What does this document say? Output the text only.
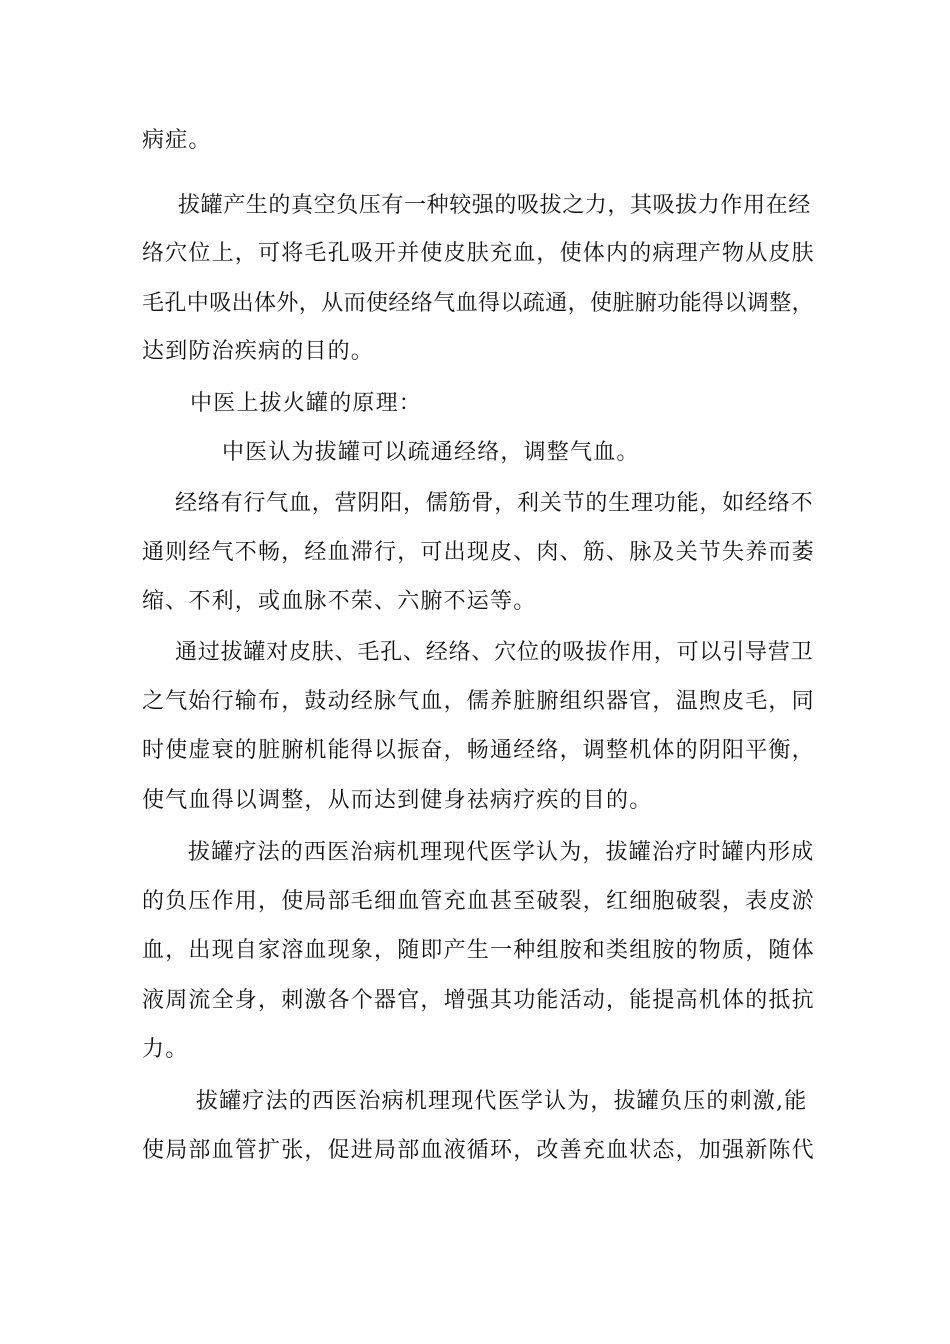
病症。
拔罐产生的真空负压有一种较强的吸拔之力，其吸拔力作用在经
络穴位上，可将毛孔吸开并使皮肤充血，使体内的病理产物从皮肤
毛孔中吸出体外，从而使经络气血得以疏通，使脏腑功能得以调整，
达到防治疾病的目的。
中医上拔火罐的原理：
中医认为拔罐可以疏通经络，调整气血。
经络有行气血，营阴阳，儒筋骨，利关节的生理功能，如经络不
通则经气不畅，经血滞行，可出现皮、肉、筋、脉及关节失养而萎
缩、不利，或血脉不荣、六腑不运等。
通过拔罐对皮肤、毛孔、经络、穴位的吸拔作用，可以引导营卫
之气始行输布，鼓动经脉气血，儒养脏腑组织器官，温煦皮毛，同
时使虚衰的脏腑机能得以振奋，畅通经络，调整机体的阴阳平衡，
使气血得以调整，从而达到健身祛病疗疾的目的。
拔罐疗法的西医治病机理现代医学认为，拔罐治疗时罐内形成
的负压作用，使局部毛细血管充血甚至破裂，红细胞破裂，表皮淤
血，出现自家溶血现象，随即产生一种组胺和类组胺的物质，随体
液周流全身，刺激各个器官，增强其功能活动，能提高机体的抵抗
力。
拔罐疗法的西医治病机理现代医学认为，拔罐负压的刺激,能
使局部血管扩张，促进局部血液循环，改善充血状态，加强新陈代
